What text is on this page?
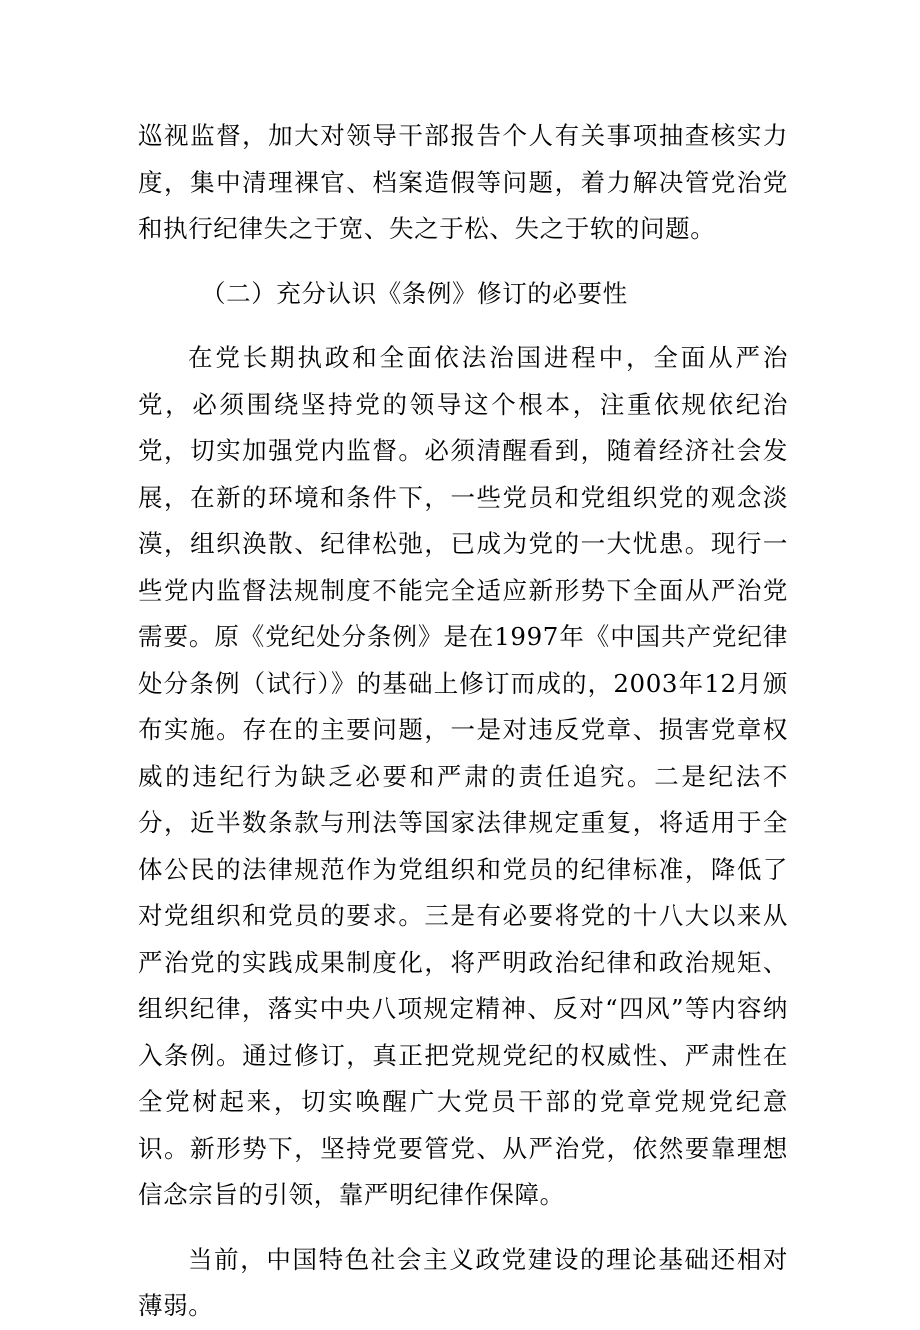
巡视监督，加大对领导干部报告个人有关事项抽查核实力度，集中清理裸官、档案造假等问题，着力解决管党治党和执行纪律失之于宽、失之于松、失之于软的问题。

（二）充分认识《条例》修订的必要性

在党长期执政和全面依法治国进程中，全面从严治党，必须围绕坚持党的领导这个根本，注重依规依纪治党，切实加强党内监督。必须清醒看到，随着经济社会发展，在新的环境和条件下，一些党员和党组织党的观念淡漠，组织涣散、纪律松弛，已成为党的一大忧患。现行一些党内监督法规制度不能完全适应新形势下全面从严治党需要。原《党纪处分条例》是在1997年《中国共产党纪律处分条例（试行）》的基础上修订而成的，2003年12月颁布实施。存在的主要问题，一是对违反党章、损害党章权威的违纪行为缺乏必要和严肃的责任追究。二是纪法不分，近半数条款与刑法等国家法律规定重复，将适用于全体公民的法律规范作为党组织和党员的纪律标准，降低了对党组织和党员的要求。三是有必要将党的十八大以来从严治党的实践成果制度化，将严明政治纪律和政治规矩、组织纪律，落实中央八项规定精神、反对“四风”等内容纳入条例。通过修订，真正把党规党纪的权威性、严肃性在全党树起来，切实唤醒广大党员干部的党章党规党纪意识。新形势下，坚持党要管党、从严治党，依然要靠理想信念宗旨的引领，靠严明纪律作保障。

当前，中国特色社会主义政党建设的理论基础还相对薄弱。
